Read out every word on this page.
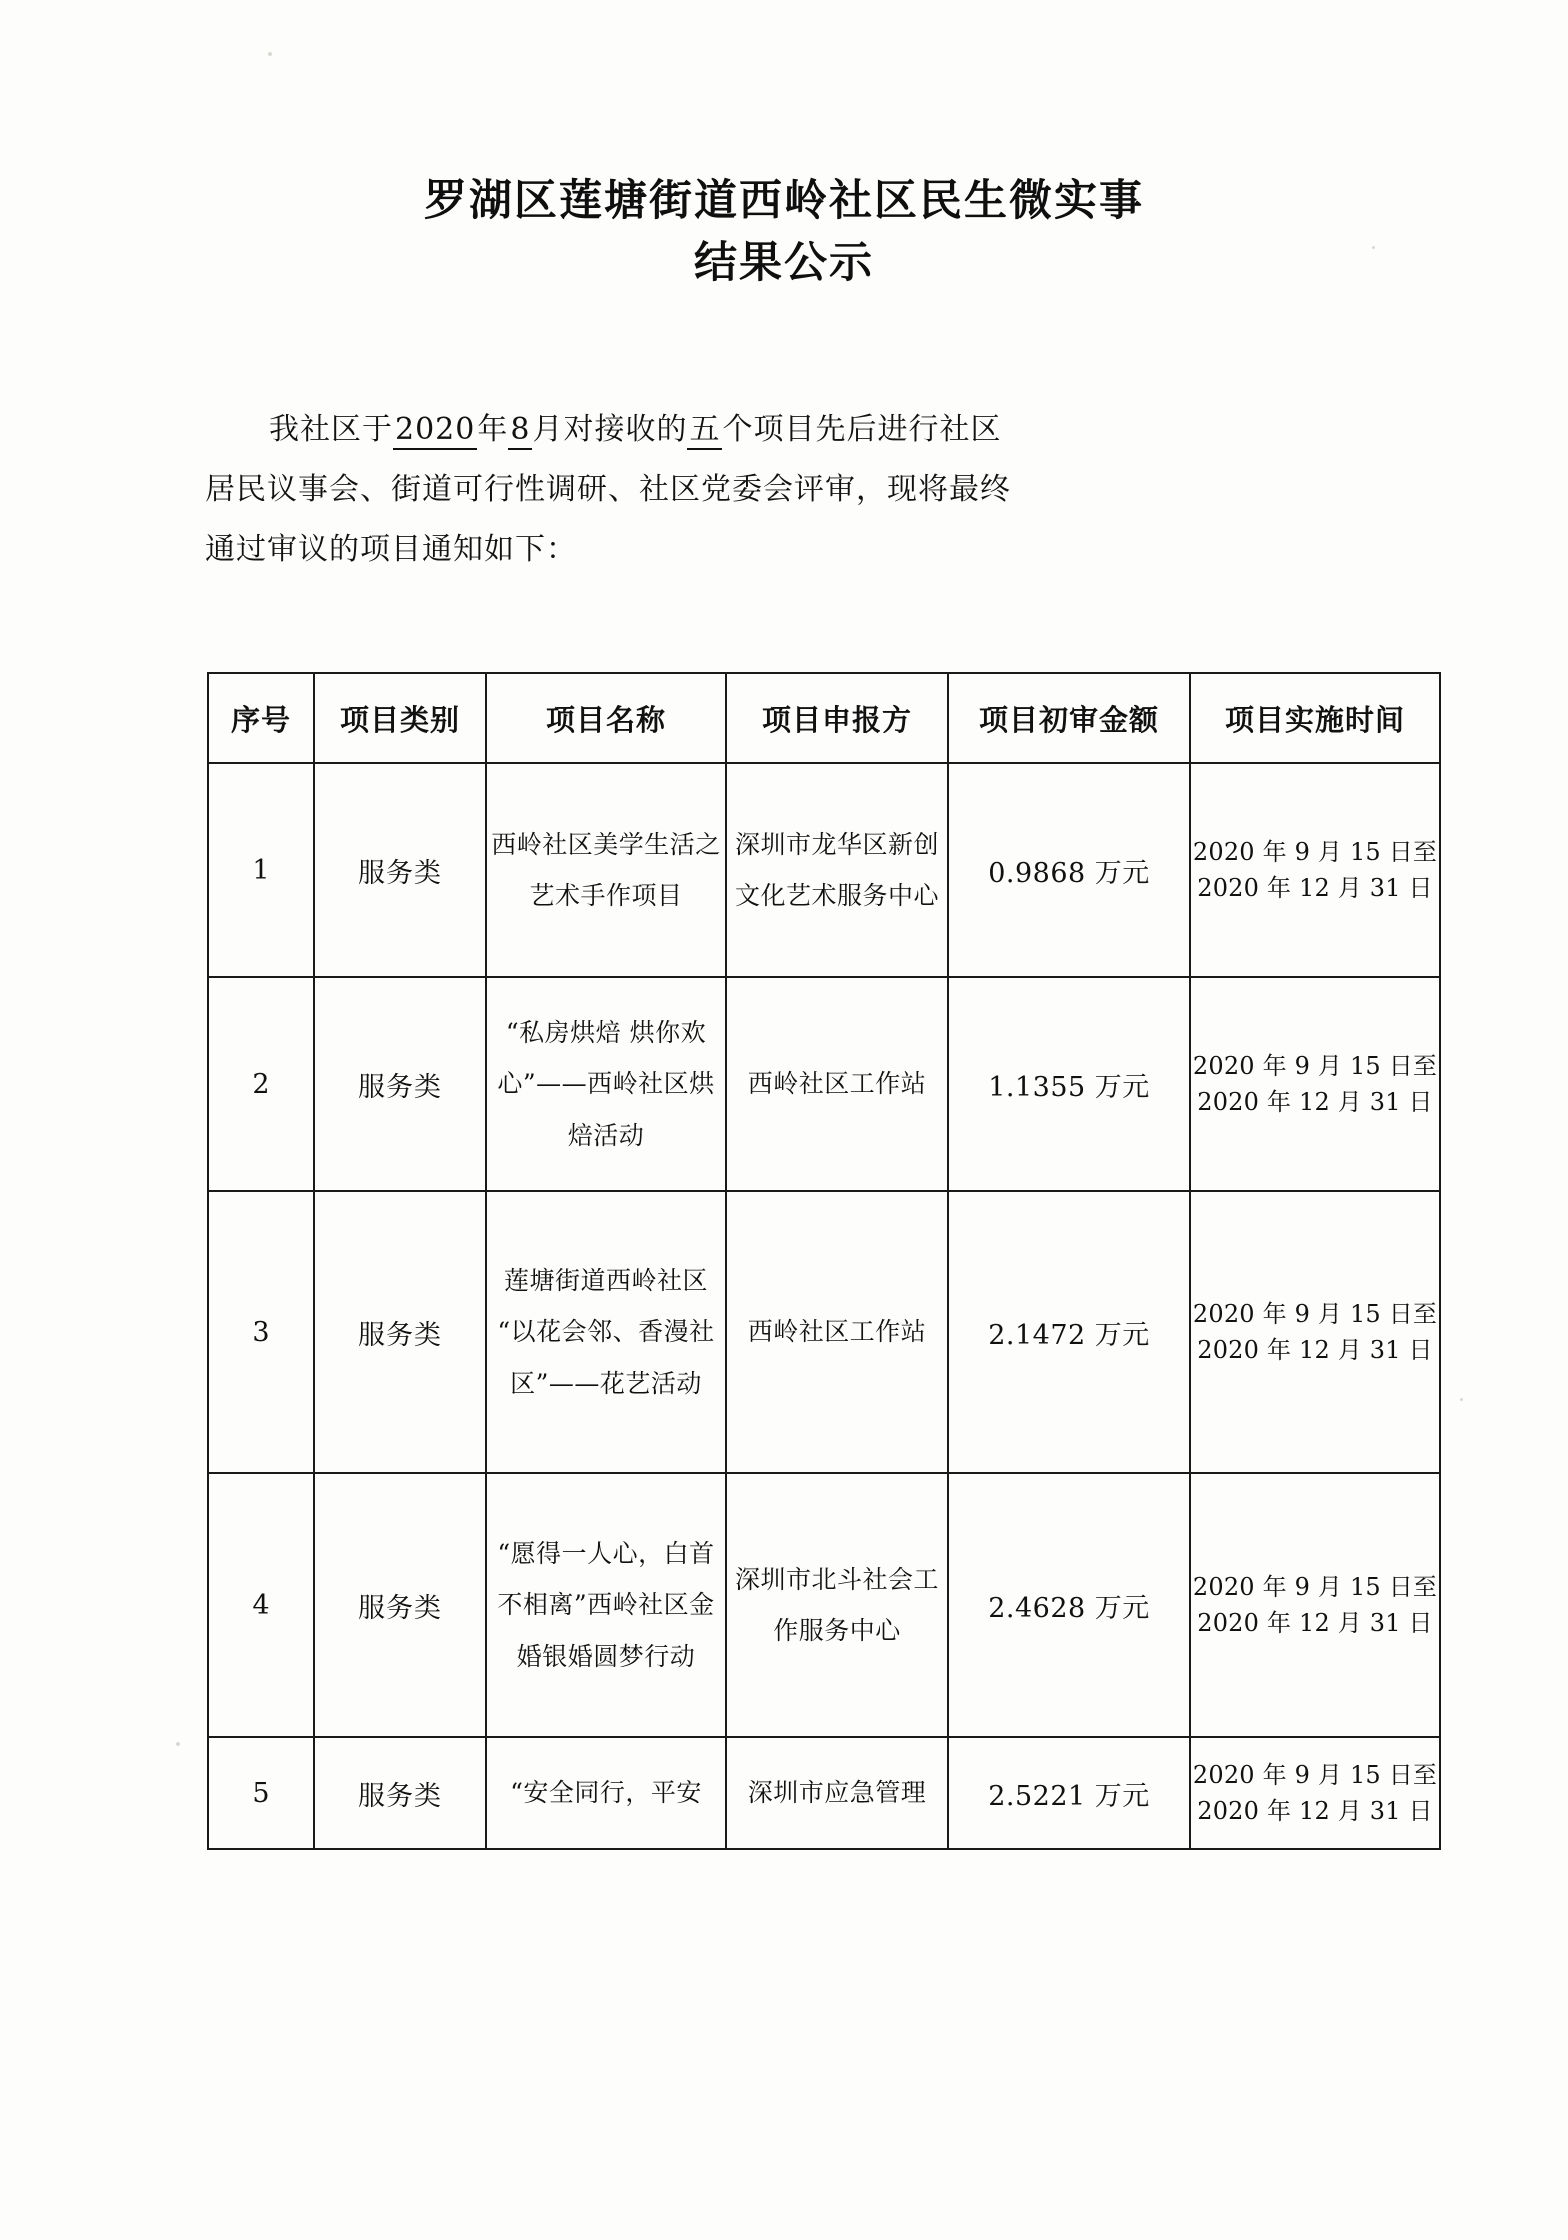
罗湖区莲塘街道西岭社区民生微实事
结果公示

我社区于2020年8月对接收的五个项目先后进行社区

居民议事会、街道可行性调研、社区党委会评审，现将最终

通过审议的项目通知如下：

序号	项目类别	项目名称	项目申报方	项目初审金额	项目实施时间
1	服务类	西岭社区美学生活之艺术手作项目	深圳市龙华区新创文化艺术服务中心	0.9868 万元	2020 年 9 月 15 日至 2020 年 12 月 31 日
2	服务类	“私房烘焙 烘你欢心”——西岭社区烘焙活动	西岭社区工作站	1.1355 万元	2020 年 9 月 15 日至 2020 年 12 月 31 日
3	服务类	莲塘街道西岭社区“以花会邻、香漫社区”——花艺活动	西岭社区工作站	2.1472 万元	2020 年 9 月 15 日至 2020 年 12 月 31 日
4	服务类	“愿得一人心，白首不相离”西岭社区金婚银婚圆梦行动	深圳市北斗社会工作服务中心	2.4628 万元	2020 年 9 月 15 日至 2020 年 12 月 31 日
5	服务类	“安全同行，平安	深圳市应急管理	2.5221 万元	2020 年 9 月 15 日至 2020 年 12 月 31 日
